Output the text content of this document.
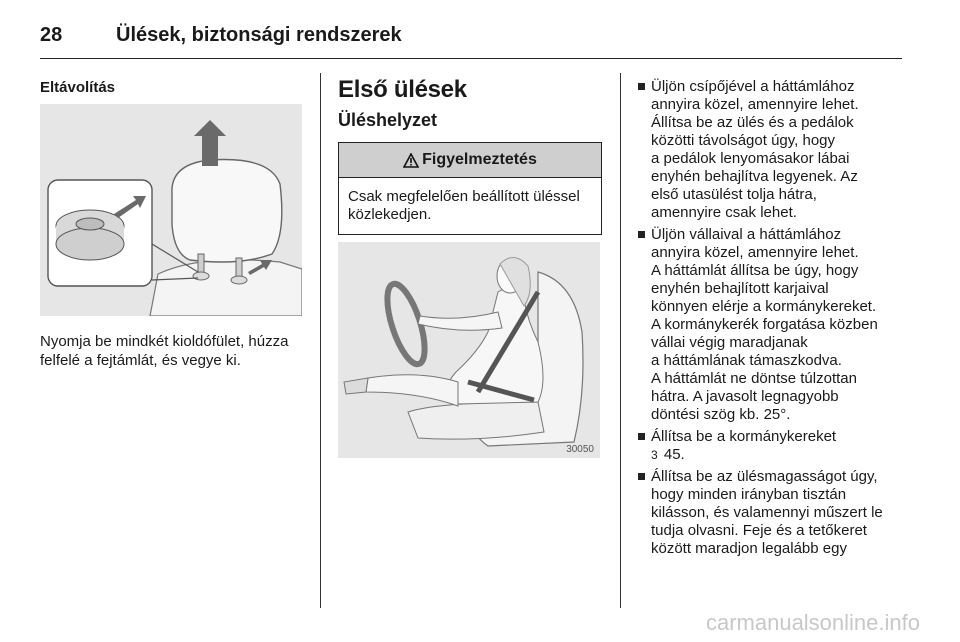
28	Ülések, biztonsági rendszerek
Eltávolítás
Nyomja be mindkét kioldófület, húzza felfelé a fejtámlát, és vegye ki.
Első ülések
Üléshelyzet
Figyelmeztetés
Csak megfelelően beállított üléssel közlekedjen.
30050
Üljön csípőjével a háttámlához
annyira közel, amennyire lehet.
Állítsa be az ülés és a pedálok
közötti távolságot úgy, hogy
a pedálok lenyomásakor lábai
enyhén behajlítva legyenek. Az
első utasülést tolja hátra,
amennyire csak lehet.
Üljön vállaival a háttámlához
annyira közel, amennyire lehet.
A háttámlát állítsa be úgy, hogy
enyhén behajlított karjaival
könnyen elérje a kormánykereket.
A kormánykerék forgatása közben
vállai végig maradjanak
a háttámlának támaszkodva.
A háttámlát ne döntse túlzottan
hátra. A javasolt legnagyobb
döntési szög kb. 25°.
Állítsa be a kormánykereket
3 45.
Állítsa be az ülésmagasságot úgy,
hogy minden irányban tisztán
kilásson, és valamennyi műszert le
tudja olvasni. Feje és a tetőkeret
között maradjon legalább egy
carmanualsonline.info
